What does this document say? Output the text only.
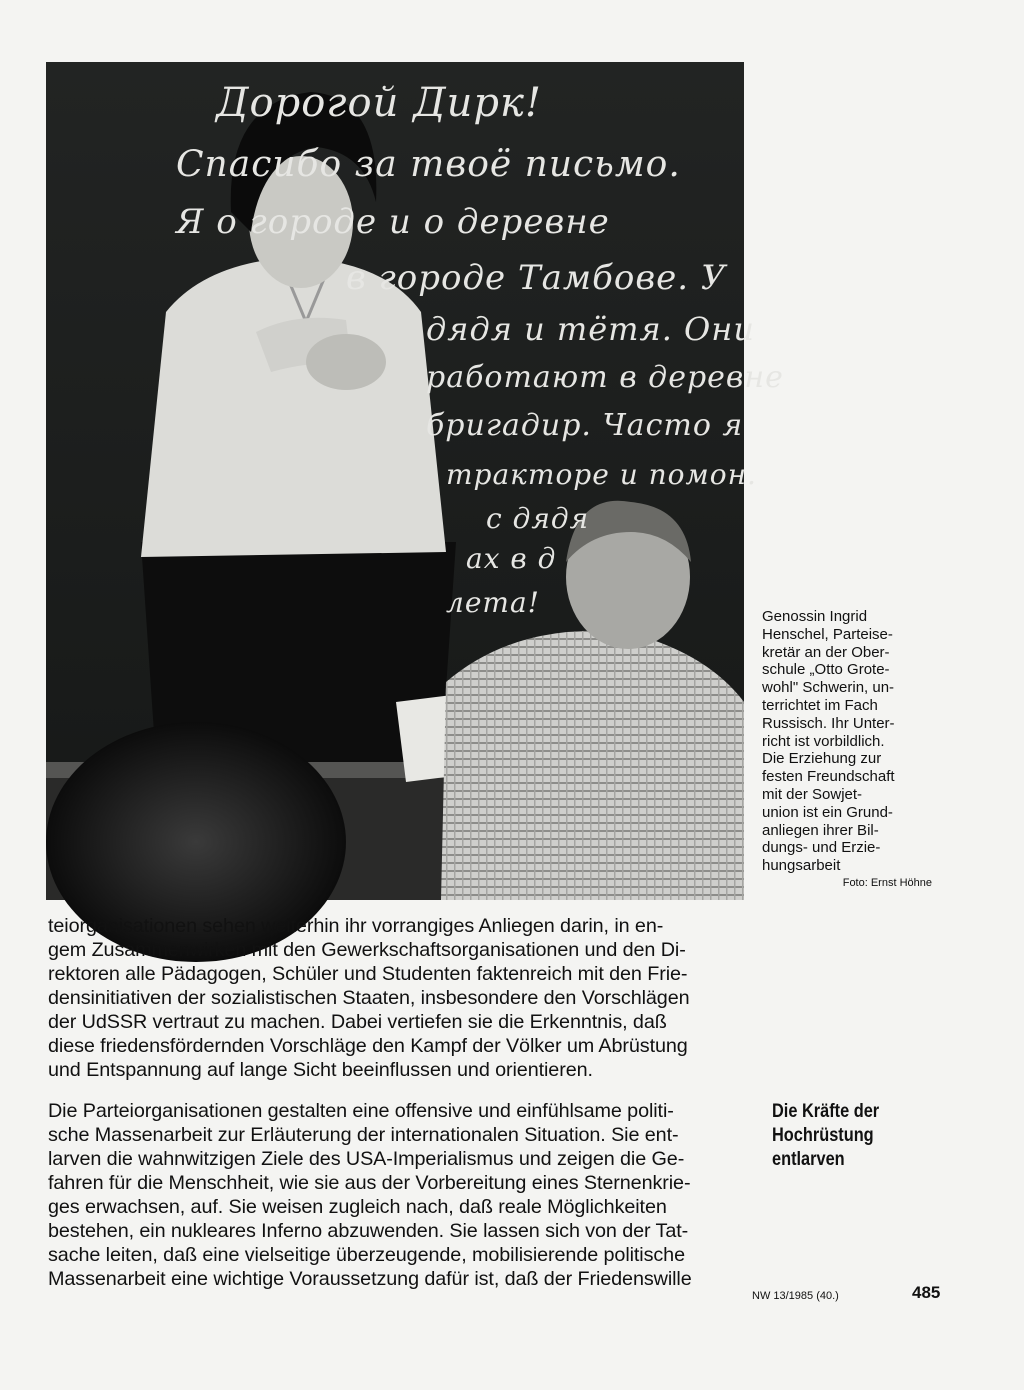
Дорогой Дирк!
Спасибо за твоё письмо.
Я о городе и о деревне
в городе Тамбове. У
дядя и тётя. Они
работают в деревне
бригадир. Часто я
тракторе и помон.
с дядя
ах в д
лета!	Genossin Ingrid
Henschel, Parteise-
kretär an der Ober-
schule „Otto Grote-
wohl" Schwerin, un-
terrichtet im Fach
Russisch. Ihr Unter-
richt ist vorbildlich.
Die Erziehung zur
festen Freundschaft
mit der Sowjet-
union ist ein Grund-
anliegen ihrer Bil-
dungs- und Erzie-
hungsarbeit
Foto: Ernst Höhne
teiorganisationen sehen weiterhin ihr vorrangiges Anliegen darin, in en-
gem Zusammenwirken mit den Gewerkschaftsorganisationen und den Di-
rektoren alle Pädagogen, Schüler und Studenten faktenreich mit den Frie-
densinitiativen der sozialistischen Staaten, insbesondere den Vorschlägen
der UdSSR vertraut zu machen. Dabei vertiefen sie die Erkenntnis, daß
diese friedensfördernden Vorschläge den Kampf der Völker um Abrüstung
und Entspannung auf lange Sicht beeinflussen und orientieren.
Die Kräfte der
Hochrüstung
entlarven
Die Parteiorganisationen gestalten eine offensive und einfühlsame politi-
sche Massenarbeit zur Erläuterung der internationalen Situation. Sie ent-
larven die wahnwitzigen Ziele des USA-Imperialismus und zeigen die Ge-
fahren für die Menschheit, wie sie aus der Vorbereitung eines Sternenkrie-
ges erwachsen, auf. Sie weisen zugleich nach, daß reale Möglichkeiten
bestehen, ein nukleares Inferno abzuwenden. Sie lassen sich von der Tat-
sache leiten, daß eine vielseitige überzeugende, mobilisierende politische
Massenarbeit eine wichtige Voraussetzung dafür ist, daß der Friedenswille
NW 13/1985 (40.)	485
